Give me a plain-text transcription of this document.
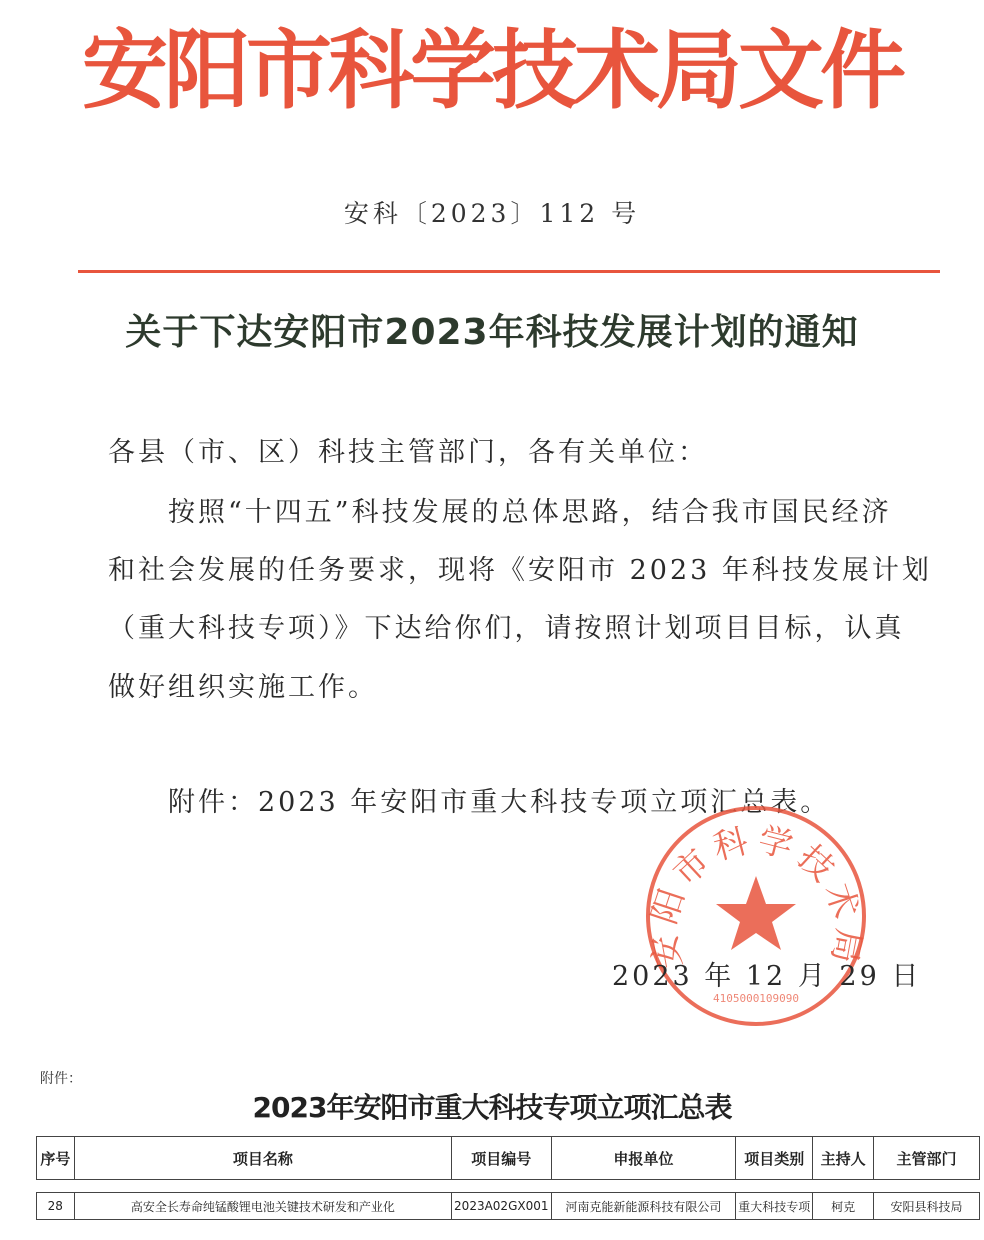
安阳市科学技术局文件
安科〔2023〕112 号
关于下达安阳市2023年科技发展计划的通知
各县（市、区）科技主管部门，各有关单位：
按照“十四五”科技发展的总体思路，结合我市国民经济
和社会发展的任务要求，现将《安阳市 2023 年科技发展计划
（重大科技专项）》下达给你们，请按照计划项目目标，认真
做好组织实施工作。
附件：2023 年安阳市重大科技专项立项汇总表。
安阳市科学技术局
4105000109090
2023 年 12 月 29 日
附件：
2023年安阳市重大科技专项立项汇总表
序号	项目名称	项目编号	申报单位	项目类别	主持人	主管部门

28	高安全长寿命纯锰酸锂电池关键技术研发和产业化	2023A02GX001	河南克能新能源科技有限公司	重大科技专项	柯克	安阳县科技局
